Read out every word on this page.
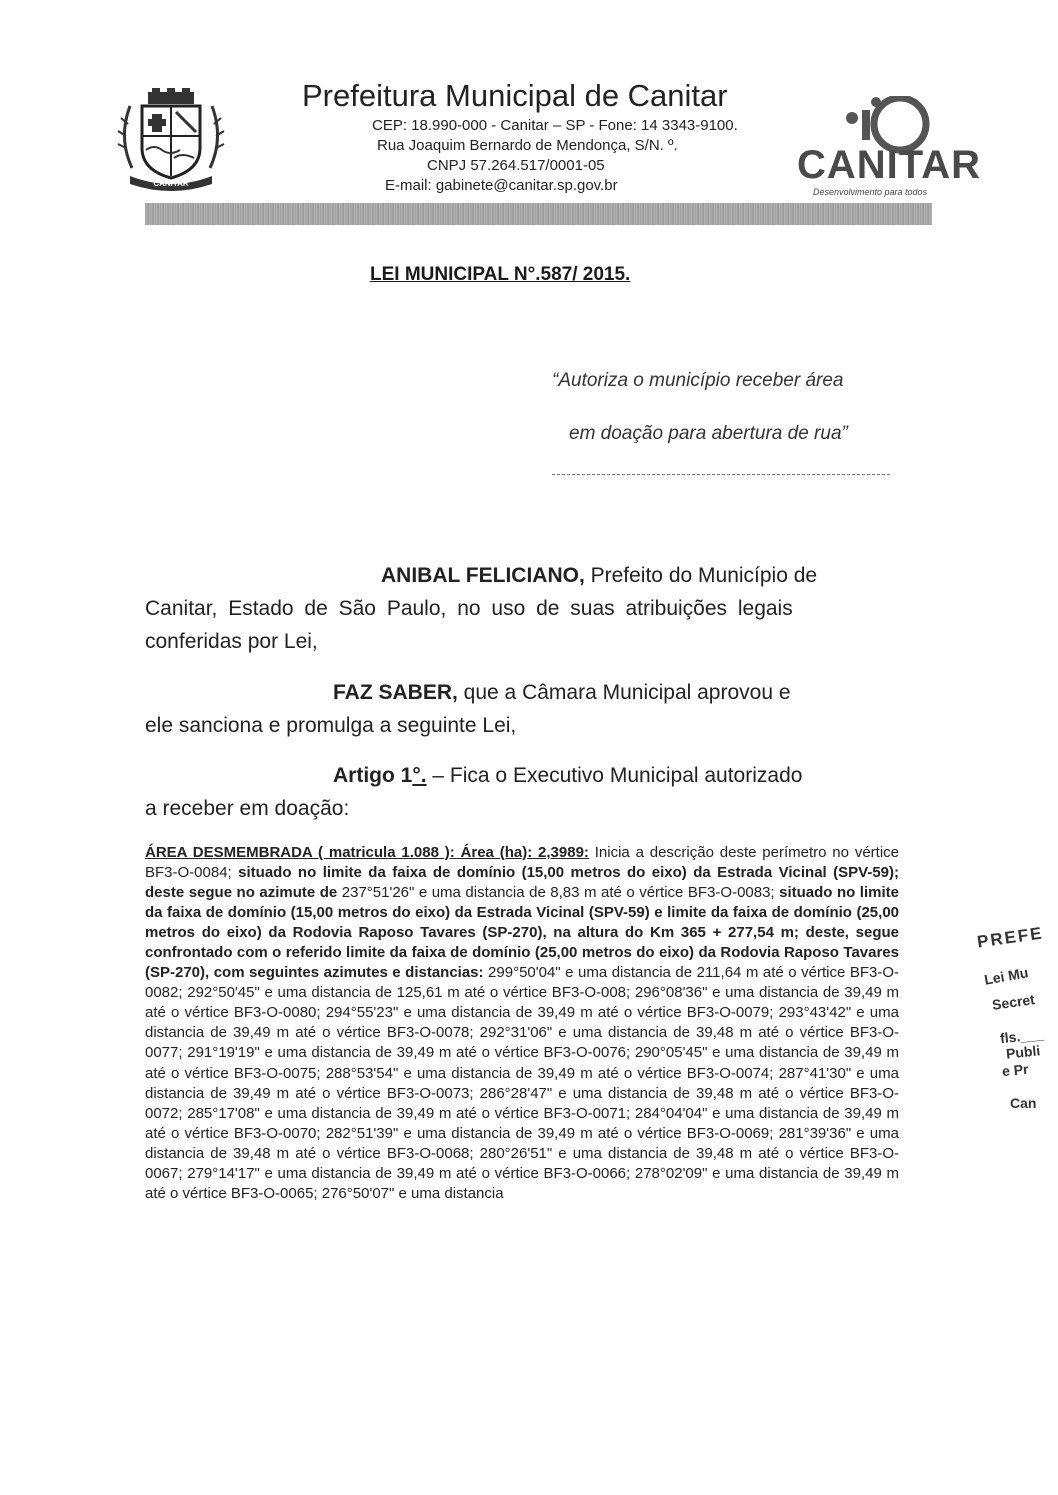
CANITAR
Prefeitura Municipal de Canitar
CEP: 18.990-000 - Canitar – SP - Fone: 14 3343-9100.
Rua Joaquim Bernardo de Mendonça, S/N. º.
CNPJ 57.264.517/0001-05
E-mail: gabinete@canitar.sp.gov.br	CANITAR
Desenvolvimento para todos
LEI MUNICIPAL N°.587/ 2015.
“Autoriza o município receber área
em doação para abertura de rua”
ANIBAL FELICIANO, Prefeito do Município de
Canitar, Estado de São Paulo, no uso de suas atribuições legais
conferidas por Lei,
FAZ SABER, que a Câmara Municipal aprovou e
ele sanciona e promulga a seguinte Lei,
Artigo 1°. – Fica o Executivo Municipal autorizado
a receber em doação:
ÁREA DESMEMBRADA ( matricula 1.088 ): Área (ha): 2,3989: Inicia a descrição deste perímetro no vértice BF3-O-0084; situado no limite da faixa de domínio (15,00 metros do eixo) da Estrada Vicinal (SPV-59); deste segue no azimute de 237°51'26" e uma distancia de 8,83 m até o vértice BF3-O-0083; situado no limite da faixa de domínio (15,00 metros do eixo) da Estrada Vicinal (SPV-59) e limite da faixa de domínio (25,00 metros do eixo) da Rodovia Raposo Tavares (SP-270), na altura do Km 365 + 277,54 m; deste, segue confrontado com o referido limite da faixa de domínio (25,00 metros do eixo) da Rodovia Raposo Tavares (SP-270), com seguintes azimutes e distancias: 299°50'04" e uma distancia de 211,64 m até o vértice BF3-O-0082; 292°50'45" e uma distancia de 125,61 m até o vértice BF3-O-008; 296°08'36" e uma distancia de 39,49 m até o vértice BF3-O-0080; 294°55'23" e uma distancia de 39,49 m até o vértice BF3-O-0079; 293°43'42" e uma distancia de 39,49 m até o vértice BF3-O-0078; 292°31'06" e uma distancia de 39,48 m até o vértice BF3-O-0077; 291°19'19" e uma distancia de 39,49 m até o vértice BF3-O-0076; 290°05'45" e uma distancia de 39,49 m até o vértice BF3-O-0075; 288°53'54" e uma distancia de 39,49 m até o vértice BF3-O-0074; 287°41'30" e uma distancia de 39,49 m até o vértice BF3-O-0073; 286°28'47" e uma distancia de 39,48 m até o vértice BF3-O-0072; 285°17'08" e uma distancia de 39,49 m até o vértice BF3-O-0071; 284°04'04" e uma distancia de 39,49 m até o vértice BF3-O-0070; 282°51'39" e uma distancia de 39,49 m até o vértice BF3-O-0069; 281°39'36" e uma distancia de 39,48 m até o vértice BF3-O-0068; 280°26'51" e uma distancia de 39,48 m até o vértice BF3-O-0067; 279°14'17" e uma distancia de 39,49 m até o vértice BF3-O-0066; 278°02'09" e uma distancia de 39,49 m até o vértice BF3-O-0065; 276°50'07" e uma distancia
PREFE
Lei Mu
Secret
fls.___
Publi
e Pr
Can
